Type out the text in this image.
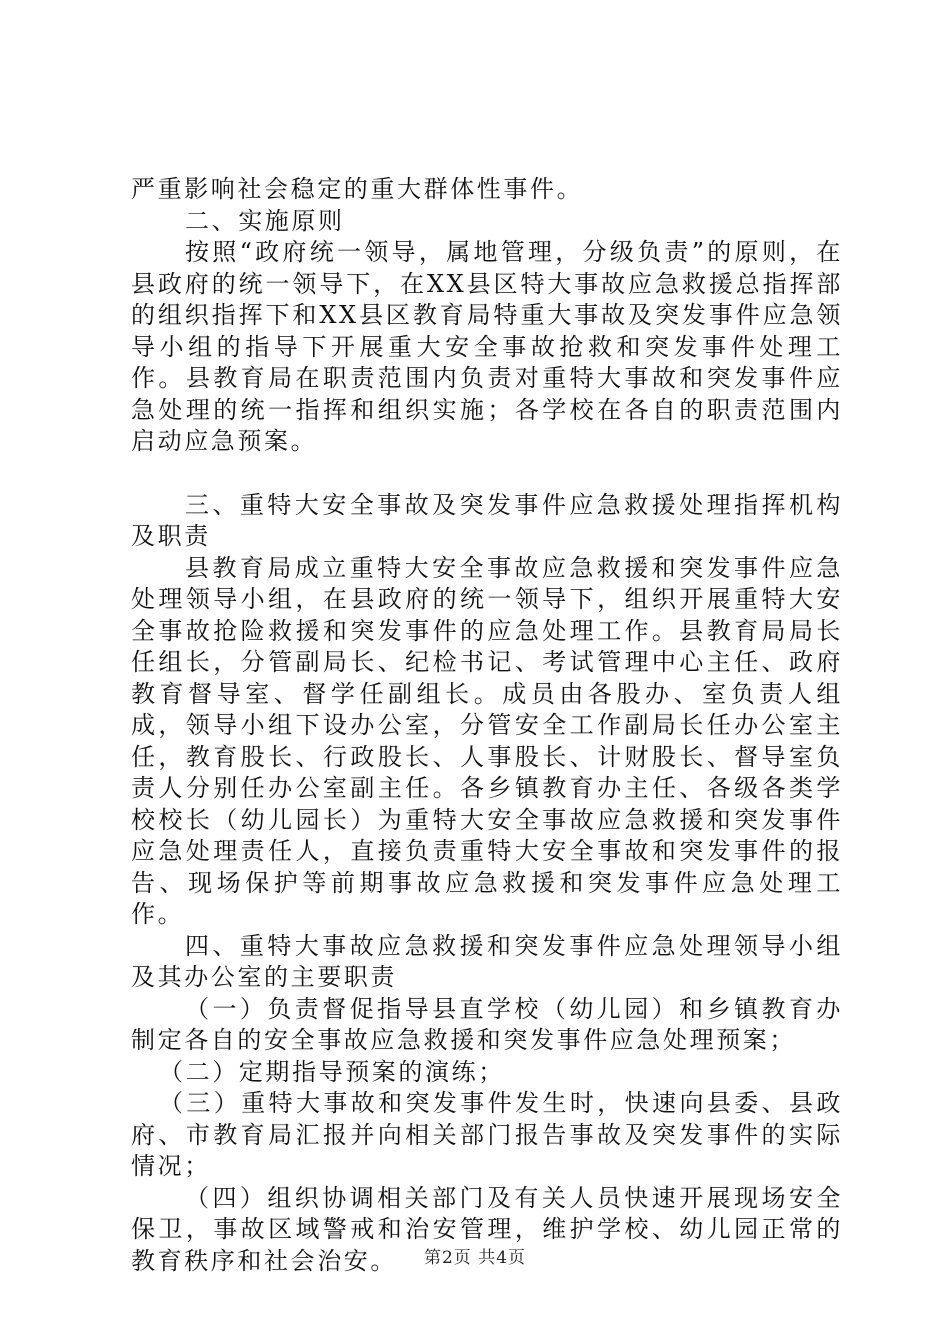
严重影响社会稳定的重大群体性事件。

二、实施原则

按照“政府统一领导，属地管理，分级负责”的原则，在县政府的统一领导下，在XX县区特大事故应急救援总指挥部的组织指挥下和XX县区教育局特重大事故及突发事件应急领导小组的指导下开展重大安全事故抢救和突发事件处理工作。县教育局在职责范围内负责对重特大事故和突发事件应急处理的统一指挥和组织实施；各学校在各自的职责范围内启动应急预案。

三、重特大安全事故及突发事件应急救援处理指挥机构及职责

县教育局成立重特大安全事故应急救援和突发事件应急处理领导小组，在县政府的统一领导下，组织开展重特大安全事故抢险救援和突发事件的应急处理工作。县教育局局长任组长，分管副局长、纪检书记、考试管理中心主任、政府教育督导室、督学任副组长。成员由各股办、室负责人组成，领导小组下设办公室，分管安全工作副局长任办公室主任，教育股长、行政股长、人事股长、计财股长、督导室负责人分别任办公室副主任。各乡镇教育办主任、各级各类学校校长（幼儿园长）为重特大安全事故应急救援和突发事件应急处理责任人，直接负责重特大安全事故和突发事件的报告、现场保护等前期事故应急救援和突发事件应急处理工作。

四、重特大事故应急救援和突发事件应急处理领导小组及其办公室的主要职责

（一）负责督促指导县直学校（幼儿园）和乡镇教育办制定各自的安全事故应急救援和突发事件应急处理预案；

（二）定期指导预案的演练；

（三）重特大事故和突发事件发生时，快速向县委、县政府、市教育局汇报并向相关部门报告事故及突发事件的实际情况；

（四）组织协调相关部门及有关人员快速开展现场安全保卫，事故区域警戒和治安管理，维护学校、幼儿园正常的教育秩序和社会治安。	第2页 共4页
